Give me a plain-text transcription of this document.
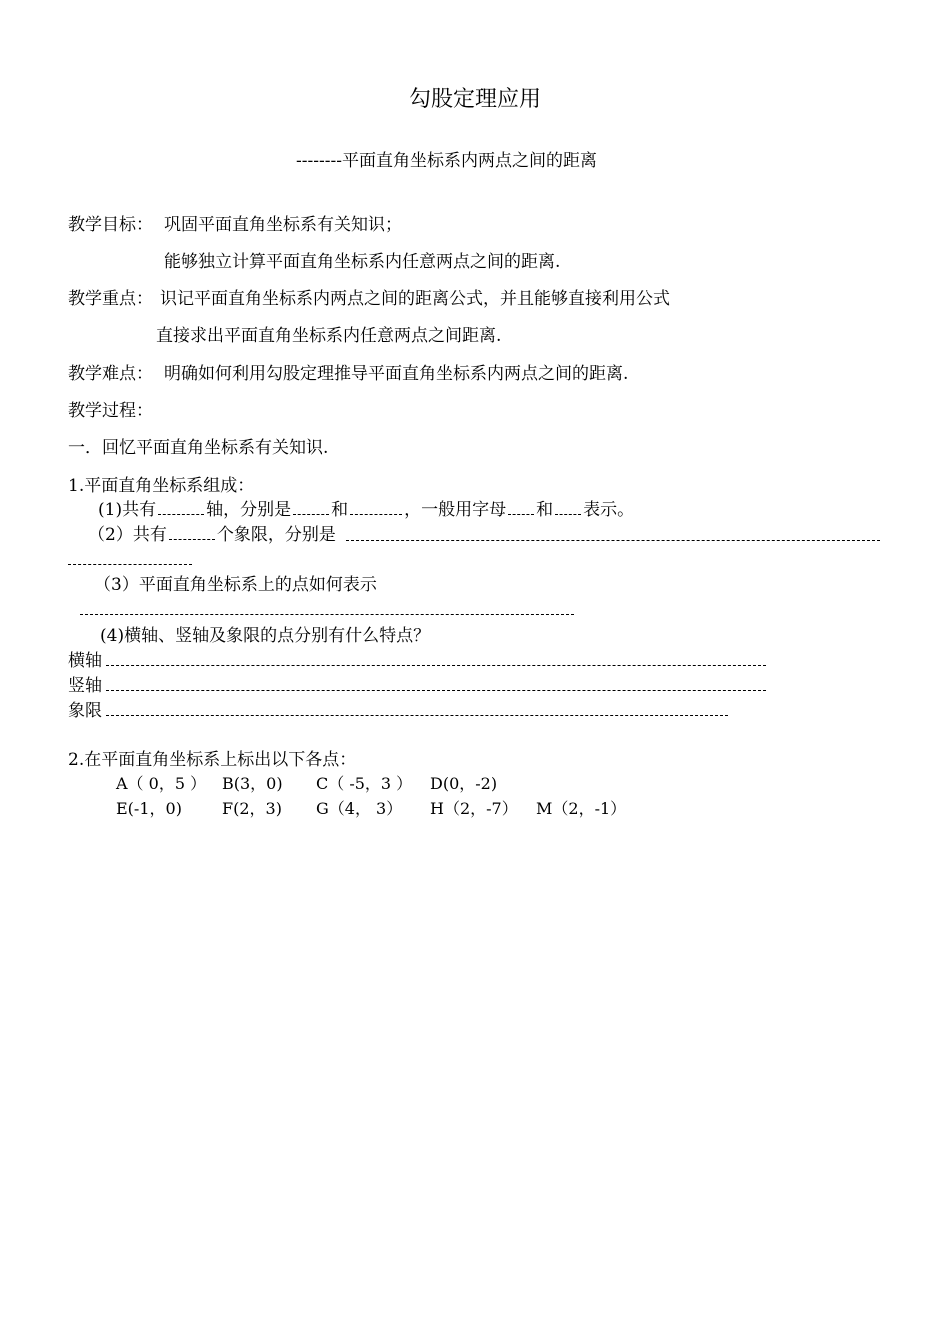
勾股定理应用
--------平面直角坐标系内两点之间的距离
教学目标： 巩固平面直角坐标系有关知识；
能够独立计算平面直角坐标系内任意两点之间的距离.
教学重点： 识记平面直角坐标系内两点之间的距离公式，并且能够直接利用公式
直接求出平面直角坐标系内任意两点之间距离.
教学难点： 明确如何利用勾股定理推导平面直角坐标系内两点之间的距离.
教学过程：
一．回忆平面直角坐标系有关知识.
1.平面直角坐标系组成：
(1)共有	轴，分别是 和	，一般用字母 和 表示。
（2）共有	个象限，分别是
（3）平面直角坐标系上的点如何表示
(4)横轴、竖轴及象限的点分别有什么特点？
横轴
竖轴
象限
2.在平面直角坐标系上标出以下各点：
A（ 0，5 ） B(3，0) C（ -5，3 ） D(0，-2)
E(-1，0)	F(2，3) G（4， 3） H（2，-7） M（2，-1）
